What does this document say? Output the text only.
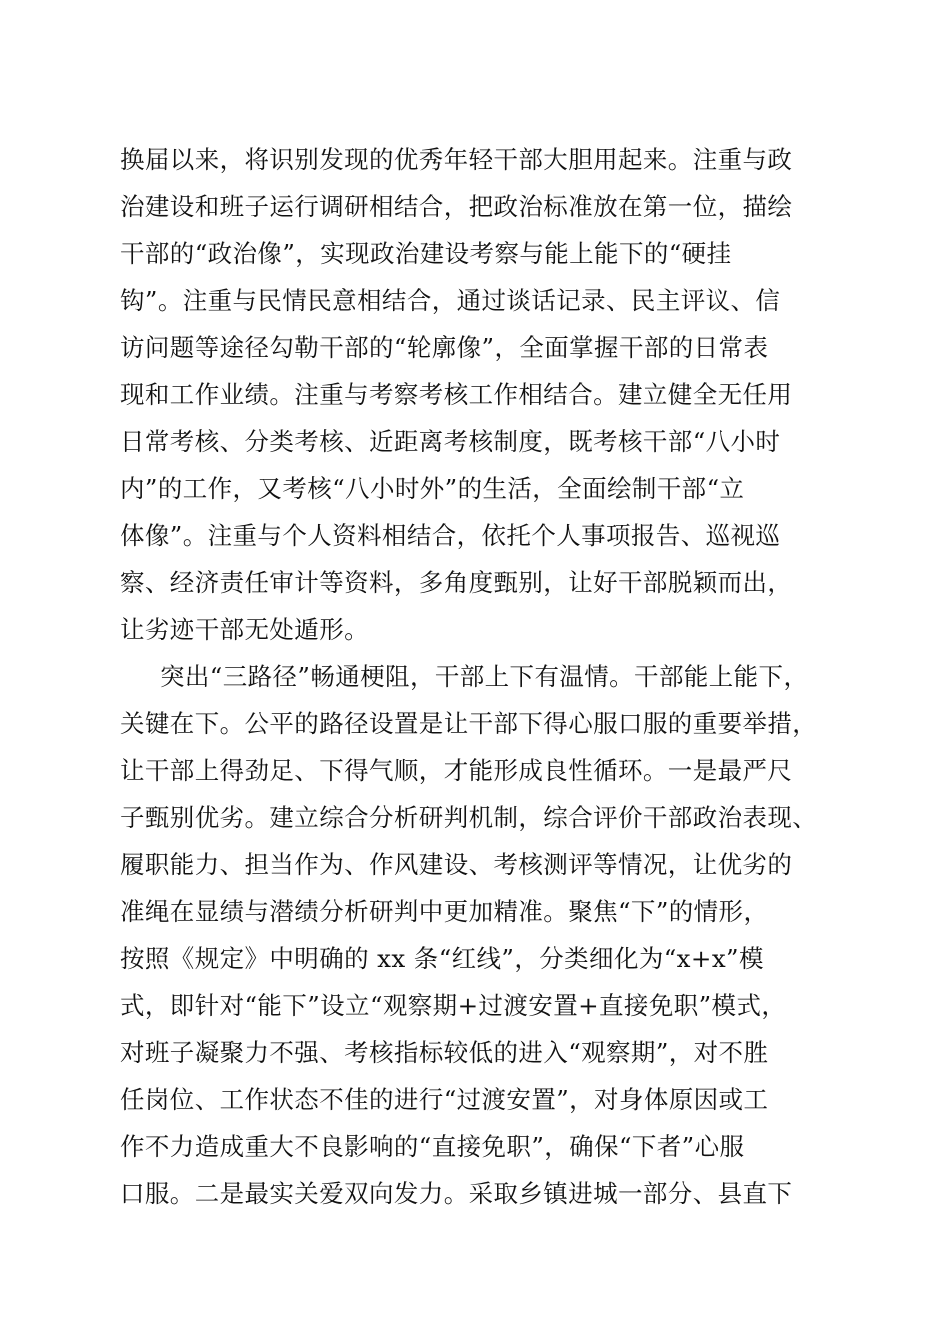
换届以来，将识别发现的优秀年轻干部大胆用起来。注重与政
治建设和班子运行调研相结合，把政治标准放在第一位，描绘
干部的“政治像”，实现政治建设考察与能上能下的“硬挂
钩”。注重与民情民意相结合，通过谈话记录、民主评议、信
访问题等途径勾勒干部的“轮廓像”，全面掌握干部的日常表
现和工作业绩。注重与考察考核工作相结合。建立健全无任用
日常考核、分类考核、近距离考核制度，既考核干部“八小时
内”的工作，又考核“八小时外”的生活，全面绘制干部“立
体像”。注重与个人资料相结合，依托个人事项报告、巡视巡
察、经济责任审计等资料，多角度甄别，让好干部脱颖而出，
让劣迹干部无处遁形。
突出“三路径”畅通梗阻，干部上下有温情。干部能上能下，
关键在下。公平的路径设置是让干部下得心服口服的重要举措，
让干部上得劲足、下得气顺，才能形成良性循环。一是最严尺
子甄别优劣。建立综合分析研判机制，综合评价干部政治表现、
履职能力、担当作为、作风建设、考核测评等情况，让优劣的
准绳在显绩与潜绩分析研判中更加精准。聚焦“下”的情形，
按照《规定》中明确的 xx 条“红线”，分类细化为“x+x”模
式，即针对“能下”设立“观察期+过渡安置+直接免职”模式，
对班子凝聚力不强、考核指标较低的进入“观察期”，对不胜
任岗位、工作状态不佳的进行“过渡安置”，对身体原因或工
作不力造成重大不良影响的“直接免职”，确保“下者”心服
口服。二是最实关爱双向发力。采取乡镇进城一部分、县直下
